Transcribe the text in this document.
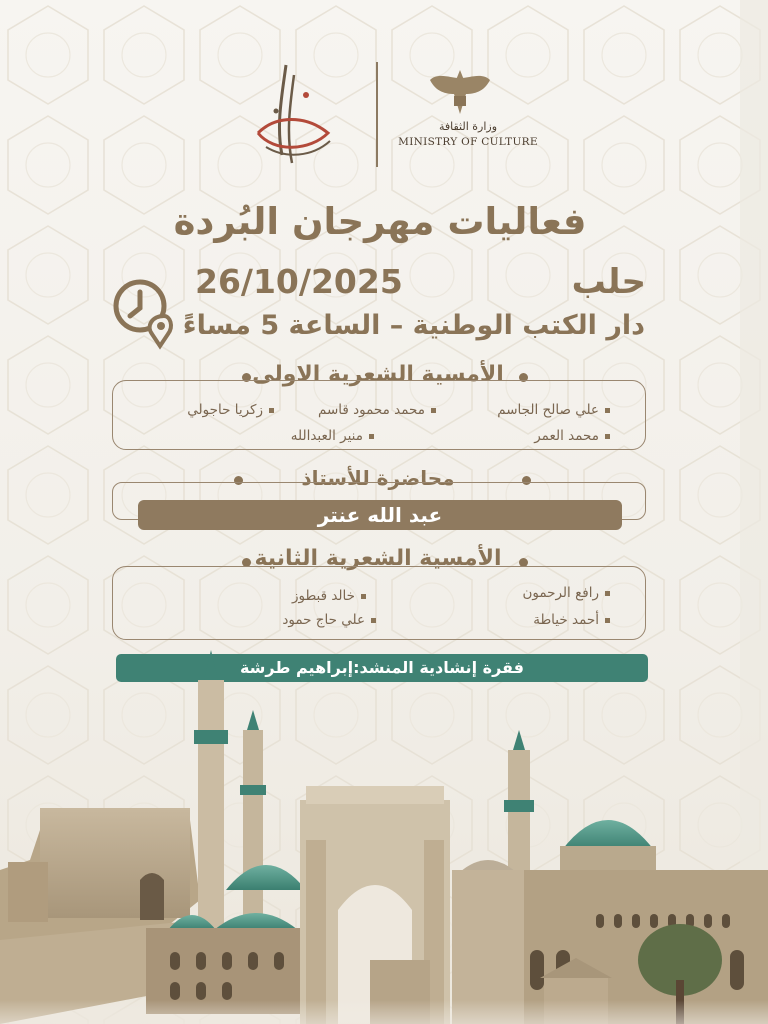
وزارة الثقافة
MINISTRY OF CULTURE
فعاليات مهرجان البُردة
حلب
26/10/2025
دار الكتب الوطنية – الساعة 5 مساءً
الأمسية الشعرية الاولى
علي صالح الجاسم
محمد محمود قاسم
زكريا حاجولي
محمد العمر
منير العبدالله
محاضرة للأستاذ
عبد الله عنتر
الأمسية الشعرية الثانية
رافع الرحمون
خالد قبطوز
أحمد خياطة
علي حاج حمود
فقرة إنشادية المنشد:إبراهيم طرشة
